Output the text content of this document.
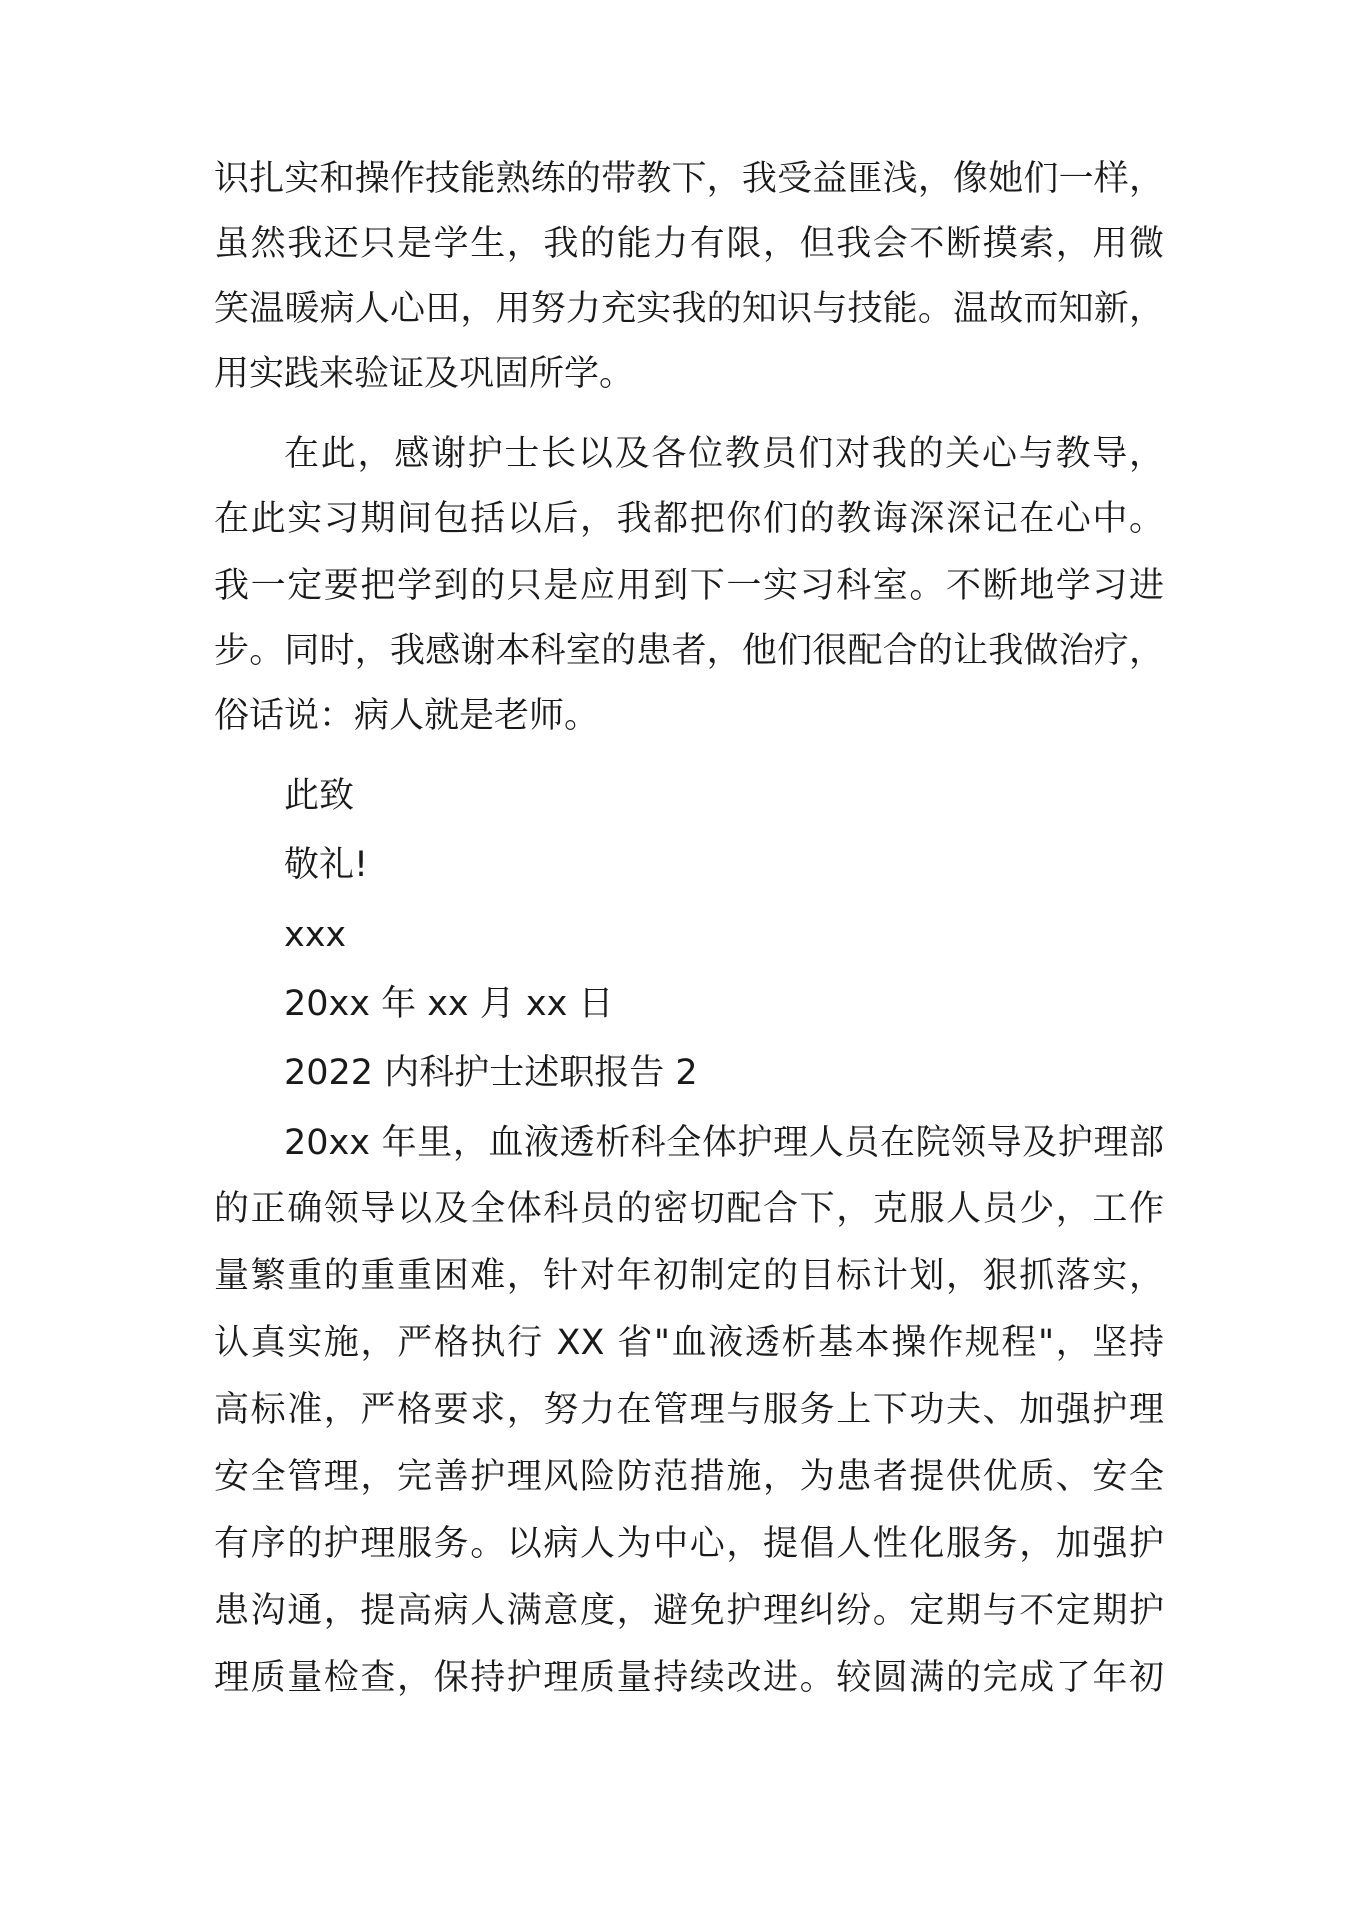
识扎实和操作技能熟练的带教下，我受益匪浅，像她们一样，
虽然我还只是学生，我的能力有限，但我会不断摸索，用微
笑温暖病人心田，用努力充实我的知识与技能。温故而知新，
用实践来验证及巩固所学。
在此，感谢护士长以及各位教员们对我的关心与教导，
在此实习期间包括以后，我都把你们的教诲深深记在心中。
我一定要把学到的只是应用到下一实习科室。不断地学习进
步。同时，我感谢本科室的患者，他们很配合的让我做治疗，
俗话说：病人就是老师。
此致
敬礼!
xxx
20xx 年 xx 月 xx 日
2022 内科护士述职报告 2
20xx 年里，血液透析科全体护理人员在院领导及护理部
的正确领导以及全体科员的密切配合下，克服人员少，工作
量繁重的重重困难，针对年初制定的目标计划，狠抓落实，
认真实施，严格执行 XX 省"血液透析基本操作规程"，坚持
高标准，严格要求，努力在管理与服务上下功夫、加强护理
安全管理，完善护理风险防范措施，为患者提供优质、安全
有序的护理服务。以病人为中心，提倡人性化服务，加强护
患沟通，提高病人满意度，避免护理纠纷。定期与不定期护
理质量检查，保持护理质量持续改进。较圆满的完成了年初
